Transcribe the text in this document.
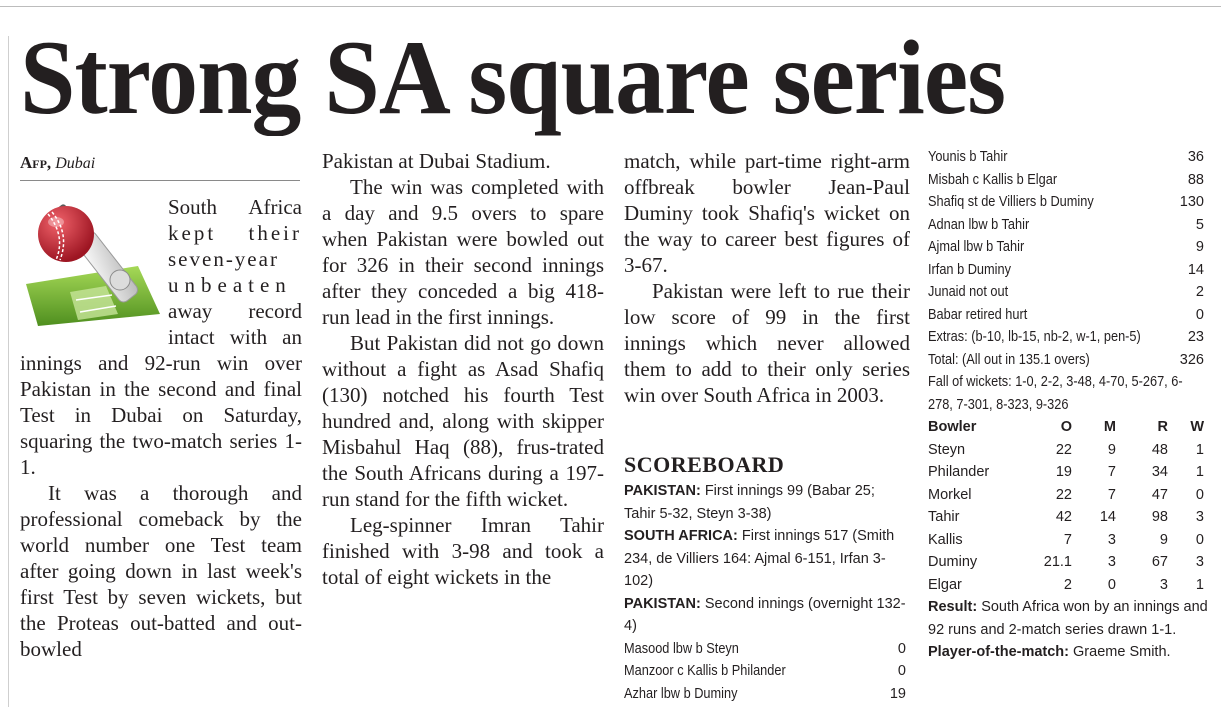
Strong SA square series
Afp, Dubai
South Africa
kept their
seven-year
unbeaten
away record
intact with an
innings and 92-run win over Pakistan in the second and final Test in Dubai on Saturday, squaring the two-match series 1-1.
It was a thorough and professional comeback by the world number one Test team after going down in last week's first Test by seven wickets, but the Proteas out-batted and out-bowled
Pakistan at Dubai Stadium.
The win was completed with a day and 9.5 overs to spare when Pakistan were bowled out for 326 in their second innings after they conceded a big 418-run lead in the first innings.
But Pakistan did not go down without a fight as Asad Shafiq (130) notched his fourth Test hundred and, along with skipper Misbahul Haq (88), frus-trated the South Africans during a 197-run stand for the fifth wicket.
Leg-spinner Imran Tahir finished with 3-98 and took a total of eight wickets in the
match, while part-time right-arm offbreak bowler Jean-Paul Duminy took Shafiq's wicket on the way to career best figures of 3-67.
Pakistan were left to rue their low score of 99 in the first innings which never allowed them to add to their only series win over South Africa in 2003.
SCOREBOARD
PAKISTAN: First innings 99 (Babar 25; Tahir 5-32, Steyn 3-38)
SOUTH AFRICA: First innings 517 (Smith 234, de Villiers 164: Ajmal 6-151, Irfan 3-102)
PAKISTAN: Second innings (overnight 132-4)
Masood lbw b Steyn	0
Manzoor c Kallis b Philander	0
Azhar lbw b Duminy	19
Younis b Tahir	36
Misbah c Kallis b Elgar	88
Shafiq st de Villiers b Duminy	130
Adnan lbw b Tahir	5
Ajmal lbw b Tahir	9
Irfan b Duminy	14
Junaid not out	2
Babar retired hurt	0
Extras: (b-10, lb-15, nb-2, w-1, pen-5)	23
Total: (All out in 135.1 overs)	326
Fall of wickets: 1-0, 2-2, 3-48, 4-70, 5-267, 6-
278, 7-301, 8-323, 9-326
Bowler	O	M	R	W
Steyn	22	9	48	1
Philander	19	7	34	1
Morkel	22	7	47	0
Tahir	42	14	98	3
Kallis	7	3	9	0
Duminy	21.1	3	67	3
Elgar	2	0	3	1
Result: South Africa won by an innings and 92 runs and 2-match series drawn 1-1.
Player-of-the-match: Graeme Smith.
